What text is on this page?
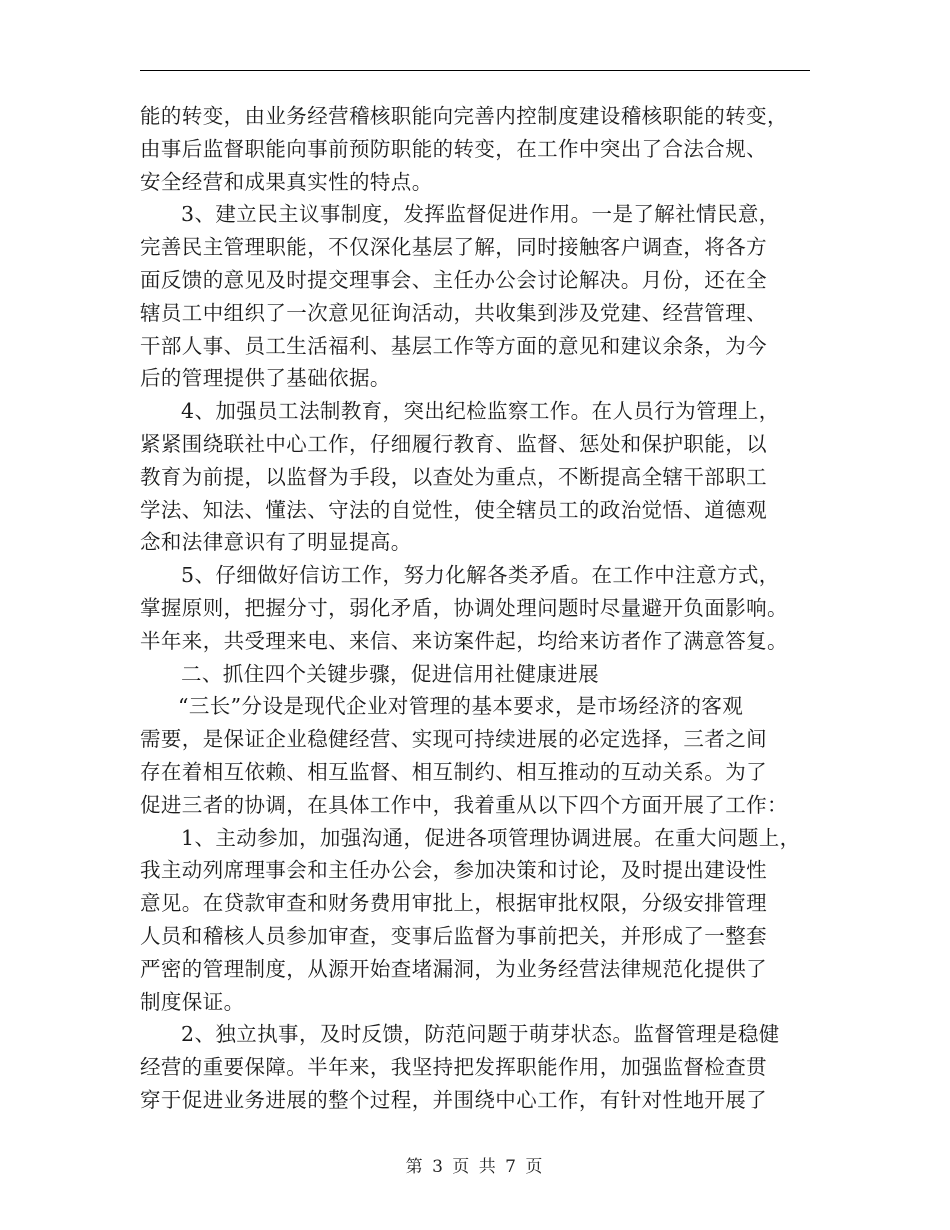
能的转变，由业务经营稽核职能向完善内控制度建设稽核职能的转变，
由事后监督职能向事前预防职能的转变，在工作中突出了合法合规、
安全经营和成果真实性的特点。
3、建立民主议事制度，发挥监督促进作用。一是了解社情民意，
完善民主管理职能，不仅深化基层了解，同时接触客户调查，将各方
面反馈的意见及时提交理事会、主任办公会讨论解决。月份，还在全
辖员工中组织了一次意见征询活动，共收集到涉及党建、经营管理、
干部人事、员工生活福利、基层工作等方面的意见和建议余条，为今
后的管理提供了基础依据。
4、加强员工法制教育，突出纪检监察工作。在人员行为管理上，
紧紧围绕联社中心工作，仔细履行教育、监督、惩处和保护职能，以
教育为前提，以监督为手段，以查处为重点，不断提高全辖干部职工
学法、知法、懂法、守法的自觉性，使全辖员工的政治觉悟、道德观
念和法律意识有了明显提高。
5、仔细做好信访工作，努力化解各类矛盾。在工作中注意方式，
掌握原则，把握分寸，弱化矛盾，协调处理问题时尽量避开负面影响。
半年来，共受理来电、来信、来访案件起，均给来访者作了满意答复。
二、抓住四个关键步骤，促进信用社健康进展
“三长”分设是现代企业对管理的基本要求，是市场经济的客观
需要，是保证企业稳健经营、实现可持续进展的必定选择，三者之间
存在着相互依赖、相互监督、相互制约、相互推动的互动关系。为了
促进三者的协调，在具体工作中，我着重从以下四个方面开展了工作：
1、主动参加，加强沟通，促进各项管理协调进展。在重大问题上，
我主动列席理事会和主任办公会，参加决策和讨论，及时提出建设性
意见。在贷款审查和财务费用审批上，根据审批权限，分级安排管理
人员和稽核人员参加审查，变事后监督为事前把关，并形成了一整套
严密的管理制度，从源开始查堵漏洞，为业务经营法律规范化提供了
制度保证。
2、独立执事，及时反馈，防范问题于萌芽状态。监督管理是稳健
经营的重要保障。半年来，我坚持把发挥职能作用，加强监督检查贯
穿于促进业务进展的整个过程，并围绕中心工作，有针对性地开展了
第 3 页 共 7 页
